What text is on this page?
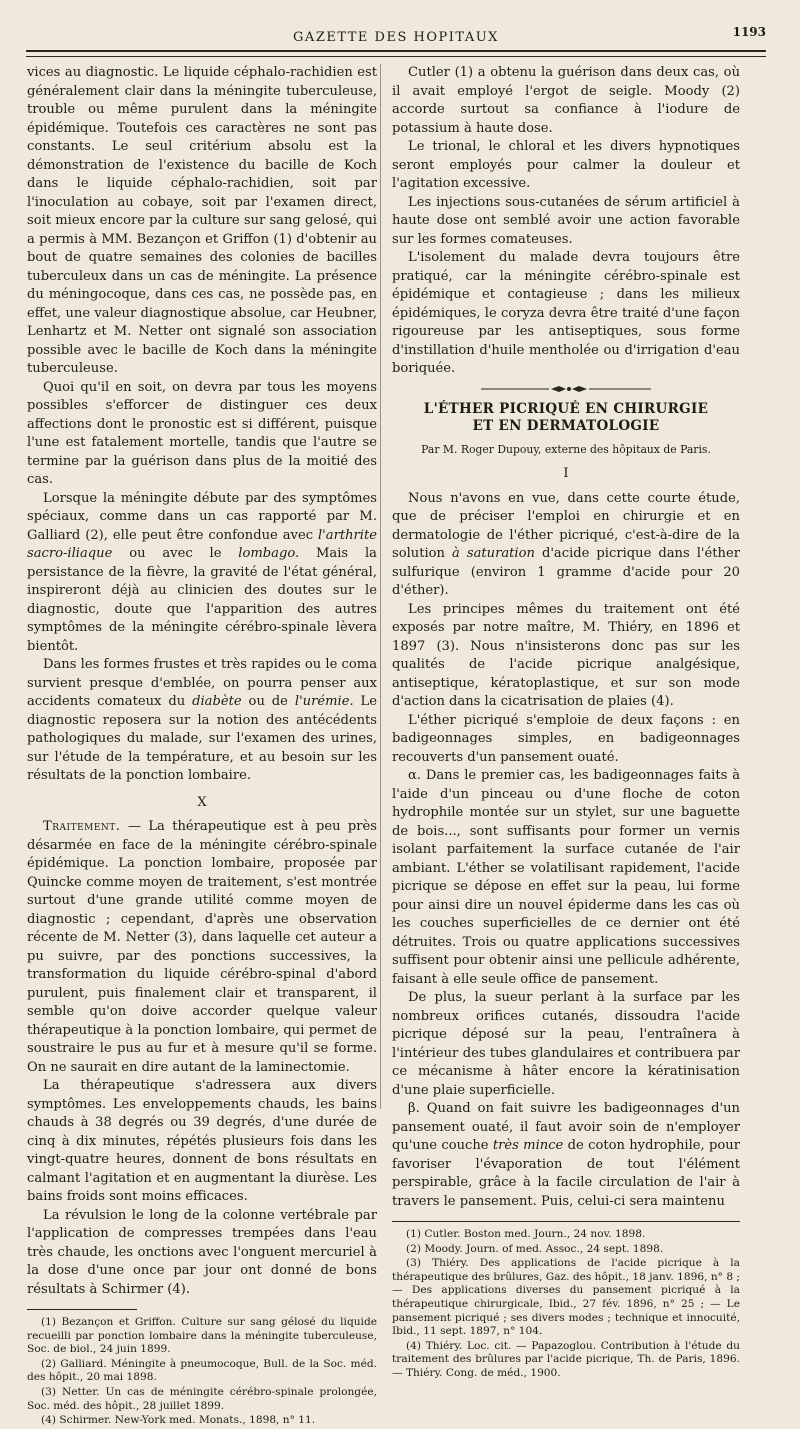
GAZETTE DES HOPITAUX	1193

vices au diagnostic. Le liquide céphalo-rachidien est généralement clair dans la méningite tuberculeuse, trouble ou même purulent dans la méningite épidémique. Toutefois ces caractères ne sont pas constants. Le seul critérium absolu est la démonstration de l'existence du bacille de Koch dans le liquide céphalo-rachidien, soit par l'inoculation au cobaye, soit par l'examen direct, soit mieux encore par la culture sur sang gelosé, qui a permis à MM. Bezançon et Griffon (1) d'obtenir au bout de quatre semaines des colonies de bacilles tuberculeux dans un cas de méningite. La présence du méningocoque, dans ces cas, ne possède pas, en effet, une valeur diagnostique absolue, car Heubner, Lenhartz et M. Netter ont signalé son association possible avec le bacille de Koch dans la méningite tuberculeuse.

Quoi qu'il en soit, on devra par tous les moyens possibles s'efforcer de distinguer ces deux affections dont le pronostic est si différent, puisque l'une est fatalement mortelle, tandis que l'autre se termine par la guérison dans plus de la moitié des cas.

Lorsque la méningite débute par des symptômes spéciaux, comme dans un cas rapporté par M. Galliard (2), elle peut être confondue avec l'arthrite sacro-iliaque ou avec le lombago. Mais la persistance de la fièvre, la gravité de l'état général, inspireront déjà au clinicien des doutes sur le diagnostic, doute que l'apparition des autres symptômes de la méningite cérébro-spinale lèvera bientôt.

Dans les formes frustes et très rapides ou le coma survient presque d'emblée, on pourra penser aux accidents comateux du diabète ou de l'urémie. Le diagnostic reposera sur la notion des antécédents pathologiques du malade, sur l'examen des urines, sur l'étude de la température, et au besoin sur les résultats de la ponction lombaire.

X

Traitement. — La thérapeutique est à peu près désarmée en face de la méningite cérébro-spinale épidémique. La ponction lombaire, proposée par Quincke comme moyen de traitement, s'est montrée surtout d'une grande utilité comme moyen de diagnostic ; cependant, d'après une observation récente de M. Netter (3), dans laquelle cet auteur a pu suivre, par des ponctions successives, la transformation du liquide cérébro-spinal d'abord purulent, puis finalement clair et transparent, il semble qu'on doive accorder quelque valeur thérapeutique à la ponction lombaire, qui permet de soustraire le pus au fur et à mesure qu'il se forme. On ne saurait en dire autant de la laminectomie.

La thérapeutique s'adressera aux divers symptômes. Les enveloppements chauds, les bains chauds à 38 degrés ou 39 degrés, d'une durée de cinq à dix minutes, répétés plusieurs fois dans les vingt-quatre heures, donnent de bons résultats en calmant l'agitation et en augmentant la diurèse. Les bains froids sont moins efficaces.

La révulsion le long de la colonne vertébrale par l'application de compresses trempées dans l'eau très chaude, les onctions avec l'onguent mercuriel à la dose d'une once par jour ont donné de bons résultats à Schirmer (4).

(1) Bezançon et Griffon. Culture sur sang gélosé du liquide recueilli par ponction lombaire dans la méningite tuberculeuse, Soc. de biol., 24 juin 1899.

(2) Galliard. Méningite à pneumocoque, Bull. de la Soc. méd. des hôpit., 20 mai 1898.

(3) Netter. Un cas de méningite cérébro-spinale prolongée, Soc. méd. des hôpit., 28 juillet 1899.

(4) Schirmer. New-York med. Monats., 1898, n° 11.

Cutler (1) a obtenu la guérison dans deux cas, où il avait employé l'ergot de seigle. Moody (2) accorde surtout sa confiance à l'iodure de potassium à haute dose.

Le trional, le chloral et les divers hypnotiques seront employés pour calmer la douleur et l'agitation excessive.

Les injections sous-cutanées de sérum artificiel à haute dose ont semblé avoir une action favorable sur les formes comateuses.

L'isolement du malade devra toujours être pratiqué, car la méningite cérébro-spinale est épidémique et contagieuse ; dans les milieux épidémiques, le coryza devra être traité d'une façon rigoureuse par les antiseptiques, sous forme d'instillation d'huile mentholée ou d'irrigation d'eau boriquée.

L'ÉTHER PICRIQUÉ EN CHIRURGIE
ET EN DERMATOLOGIE
Par M. Roger Dupouy, externe des hôpitaux de Paris.
I

Nous n'avons en vue, dans cette courte étude, que de préciser l'emploi en chirurgie et en dermatologie de l'éther picriqué, c'est-à-dire de la solution à saturation d'acide picrique dans l'éther sulfurique (environ 1 gramme d'acide pour 20 d'éther).

Les principes mêmes du traitement ont été exposés par notre maître, M. Thiéry, en 1896 et 1897 (3). Nous n'insisterons donc pas sur les qualités de l'acide picrique analgésique, antiseptique, kératoplastique, et sur son mode d'action dans la cicatrisation de plaies (4).

L'éther picriqué s'emploie de deux façons : en badigeonnages simples, en badigeonnages recouverts d'un pansement ouaté.

α. Dans le premier cas, les badigeonnages faits à l'aide d'un pinceau ou d'une floche de coton hydrophile montée sur un stylet, sur une baguette de bois..., sont suffisants pour former un vernis isolant parfaitement la surface cutanée de l'air ambiant. L'éther se volatilisant rapidement, l'acide picrique se dépose en effet sur la peau, lui forme pour ainsi dire un nouvel épiderme dans les cas où les couches superficielles de ce dernier ont été détruites. Trois ou quatre applications successives suffisent pour obtenir ainsi une pellicule adhérente, faisant à elle seule office de pansement.

De plus, la sueur perlant à la surface par les nombreux orifices cutanés, dissoudra l'acide picrique déposé sur la peau, l'entraînera à l'intérieur des tubes glandulaires et contribuera par ce mécanisme à hâter encore la kératinisation d'une plaie superficielle.

β. Quand on fait suivre les badigeonnages d'un pansement ouaté, il faut avoir soin de n'employer qu'une couche très mince de coton hydrophile, pour favoriser l'évaporation de tout l'élément perspirable, grâce à la facile circulation de l'air à travers le pansement. Puis, celui-ci sera maintenu

(1) Cutler. Boston med. Journ., 24 nov. 1898.

(2) Moody. Journ. of med. Assoc., 24 sept. 1898.

(3) Thiéry. Des applications de l'acide picrique à la thérapeutique des brûlures, Gaz. des hôpit., 18 janv. 1896, n° 8 ; — Des applications diverses du pansement picriqué à la thérapeutique chirurgicale, Ibid., 27 fév. 1896, n° 25 ; — Le pansement picriqué ; ses divers modes ; technique et innocuité, Ibid., 11 sept. 1897, n° 104.

(4) Thiéry. Loc. cit. — Papazoglou. Contribution à l'étude du traitement des brûlures par l'acide picrique, Th. de Paris, 1896. — Thiéry. Cong. de méd., 1900.
